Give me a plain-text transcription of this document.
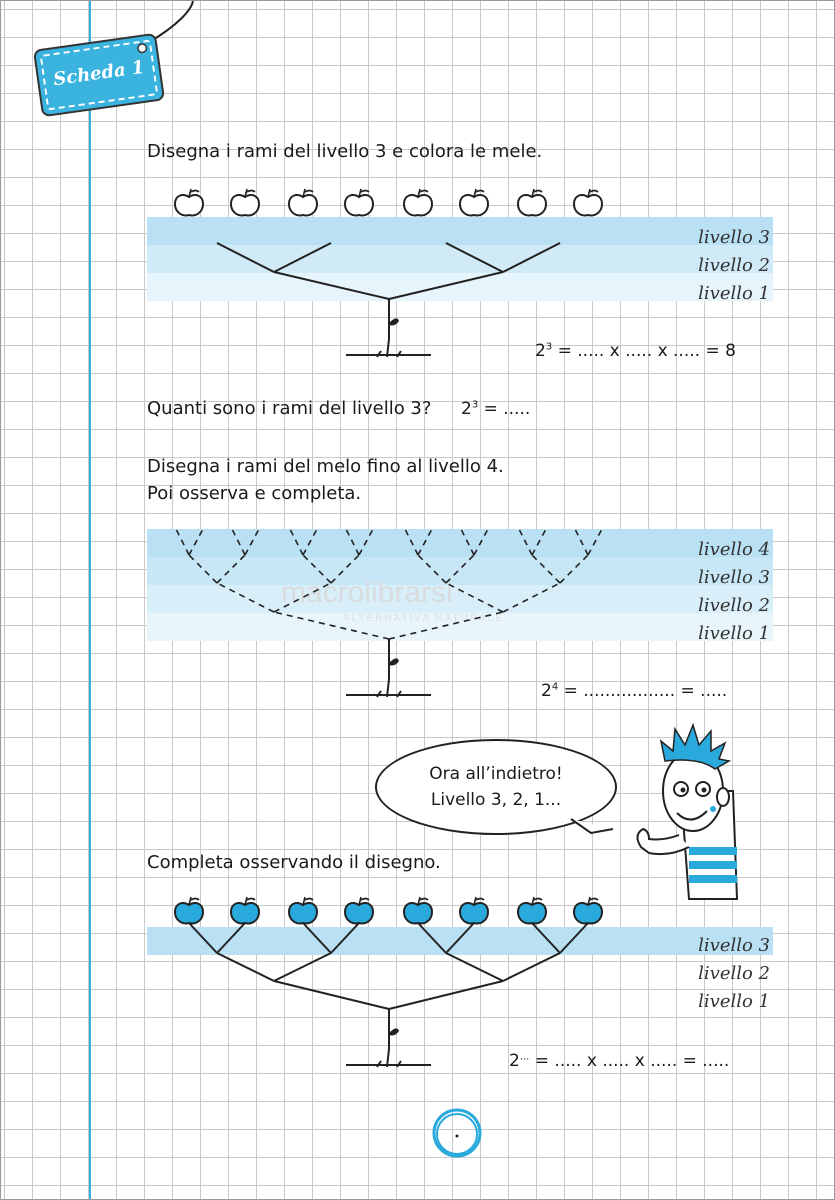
Scheda 1
Disegna i rami del livello 3 e colora le mele.
livello 3
livello 2
livello 1
$2^3$ = ..... x ..... x ..... = 8
Quanti sono i rami del livello 3? $2^3$ = .....
Disegna i rami del melo fino al livello 4.
Poi osserva e completa.
livello 4
livello 3
livello 2
livello 1
macrolibrarsi
ALTERNATIVA NATURALE
$2^4$ = ................. = .....
Ora all’indietro!
Livello 3, 2, 1...
Completa osservando il disegno.
livello 3
livello 2
livello 1
2... = ..... x ..... x ..... = .....
